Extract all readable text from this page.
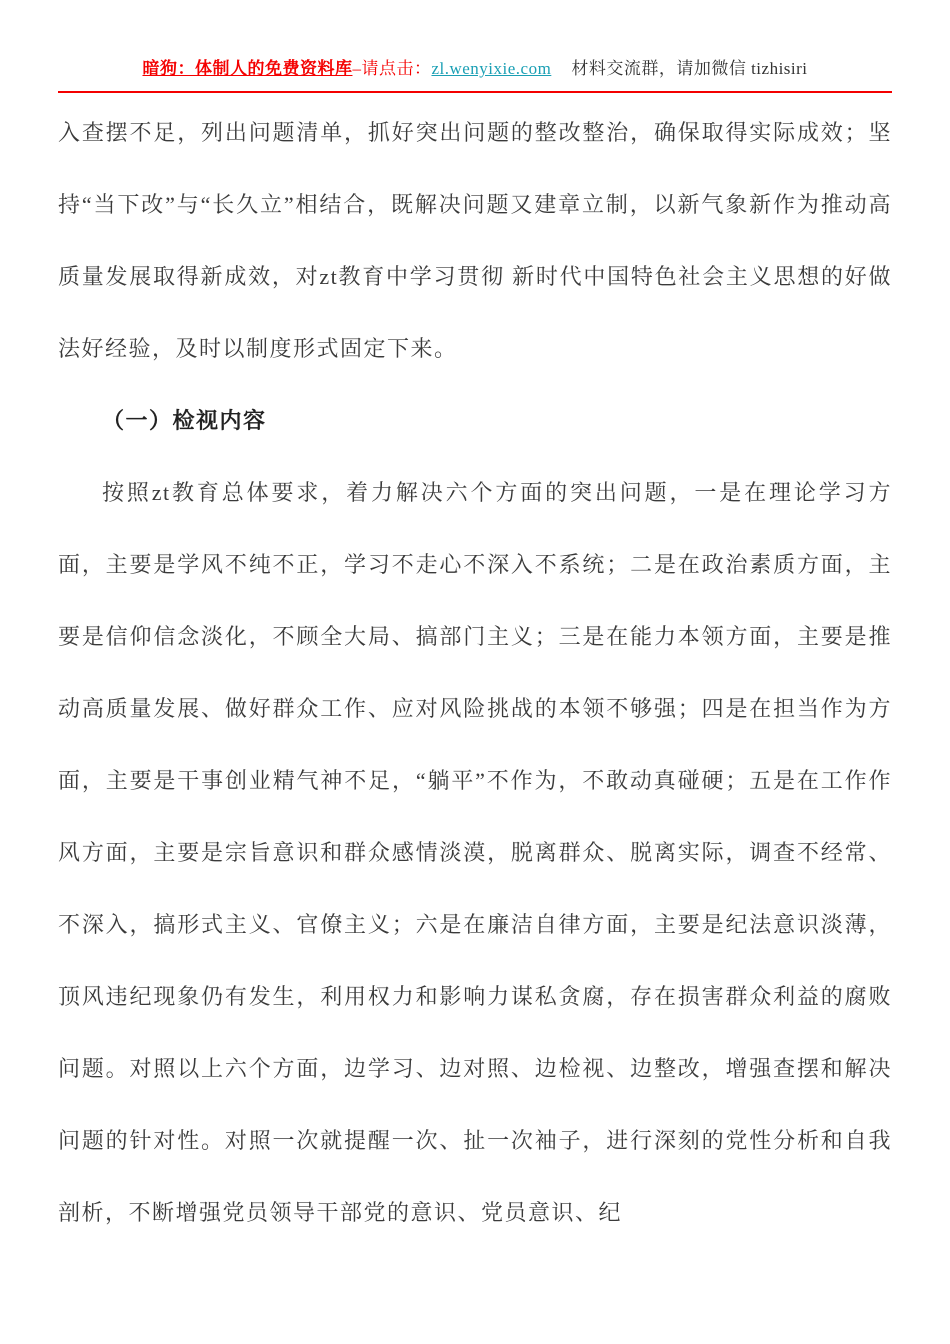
暗狗：体制人的免费资料库–请点击：zl.wenyixie.com 材料交流群，请加微信 tizhisiri

入查摆不足，列出问题清单，抓好突出问题的整改整治，确保取得实际成效；坚持“当下改”与“长久立”相结合，既解决问题又建章立制，以新气象新作为推动高质量发展取得新成效，对zt教育中学习贯彻 新时代中国特色社会主义思想的好做法好经验，及时以制度形式固定下来。

（一）检视内容

按照zt教育总体要求，着力解决六个方面的突出问题，一是在理论学习方面，主要是学风不纯不正，学习不走心不深入不系统；二是在政治素质方面，主要是信仰信念淡化，不顾全大局、搞部门主义；三是在能力本领方面，主要是推动高质量发展、做好群众工作、应对风险挑战的本领不够强；四是在担当作为方面，主要是干事创业精气神不足，“躺平”不作为，不敢动真碰硬；五是在工作作风方面，主要是宗旨意识和群众感情淡漠，脱离群众、脱离实际，调查不经常、不深入，搞形式主义、官僚主义；六是在廉洁自律方面，主要是纪法意识淡薄，顶风违纪现象仍有发生，利用权力和影响力谋私贪腐，存在损害群众利益的腐败问题。对照以上六个方面，边学习、边对照、边检视、边整改，增强查摆和解决问题的针对性。对照一次就提醒一次、扯一次袖子，进行深刻的党性分析和自我剖析，不断增强党员领导干部党的意识、党员意识、纪
